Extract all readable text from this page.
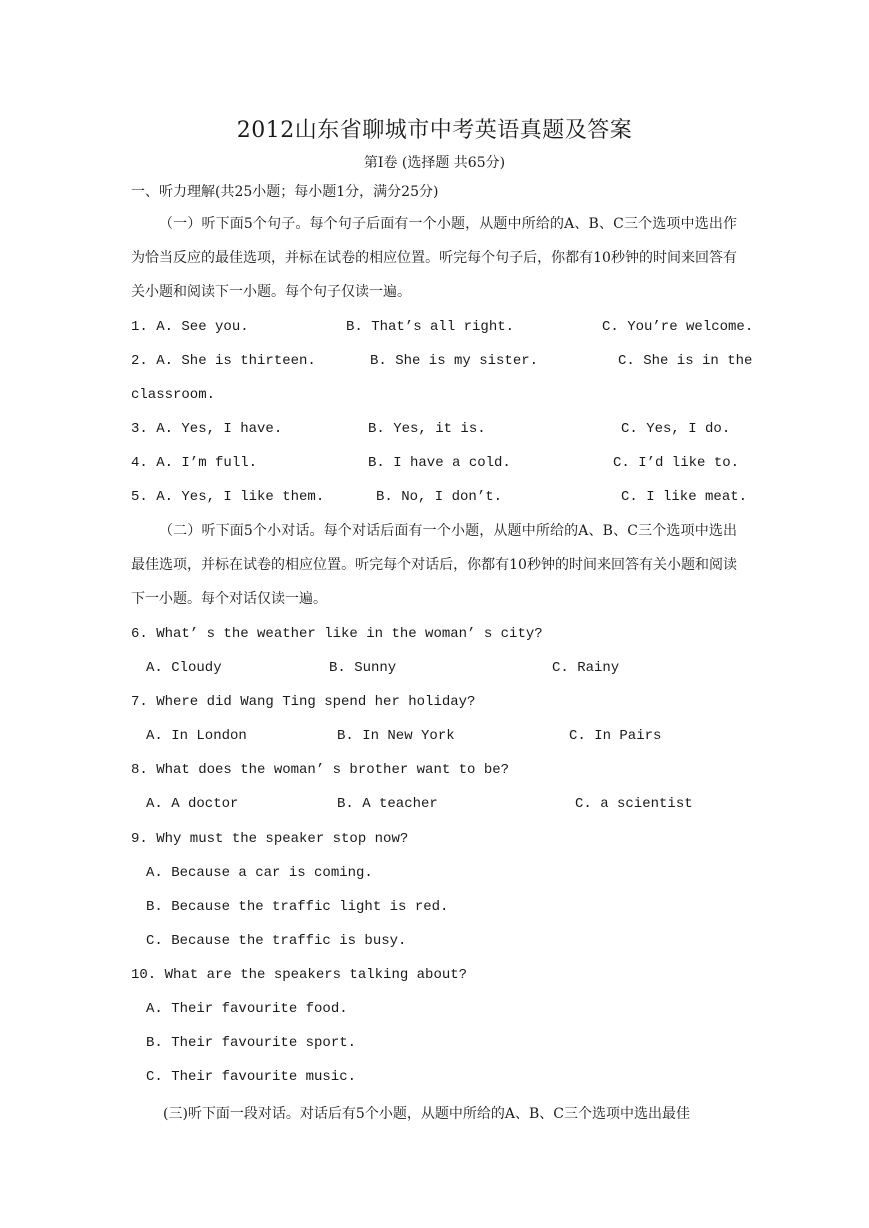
2012山东省聊城市中考英语真题及答案
第Ⅰ卷 (选择题 共65分)
一、听力理解(共25小题；每小题1分，满分25分)
（一）听下面5个句子。每个句子后面有一个小题，从题中所给的A、B、C三个选项中选出作为恰当反应的最佳选项，并标在试卷的相应位置。听完每个句子后，你都有10秒钟的时间来回答有关小题和阅读下一小题。每个句子仅读一遍。
1. A. See you.	B. That’s all right.	C. You’re welcome.
2. A. She is thirteen.	B. She is my sister.	C. She is in the
classroom.
3. A. Yes, I have.	B. Yes, it is.	C. Yes, I do.
4. A. I’m full.	B. I have a cold.	C. I’d like to.
5. A. Yes, I like them.	B. No, I don’t.	C. I like meat.
（二）听下面5个小对话。每个对话后面有一个小题，从题中所给的A、B、C三个选项中选出最佳选项，并标在试卷的相应位置。听完每个对话后，你都有10秒钟的时间来回答有关小题和阅读下一小题。每个对话仅读一遍。
6. What’ s the weather like in the woman’ s city?
A. Cloudy	B. Sunny	C. Rainy
7. Where did Wang Ting spend her holiday?
A. In London	B. In New York	C. In Pairs
8. What does the woman’ s brother want to be?
A. A doctor	B. A teacher	C. a scientist
9. Why must the speaker stop now?
A. Because a car is coming.
B. Because the traffic light is red.
C. Because the traffic is busy.
10. What are the speakers talking about?
A. Their favourite food.
B. Their favourite sport.
C. Their favourite music.
(三)听下面一段对话。对话后有5个小题，从题中所给的A、B、C三个选项中选出最佳
